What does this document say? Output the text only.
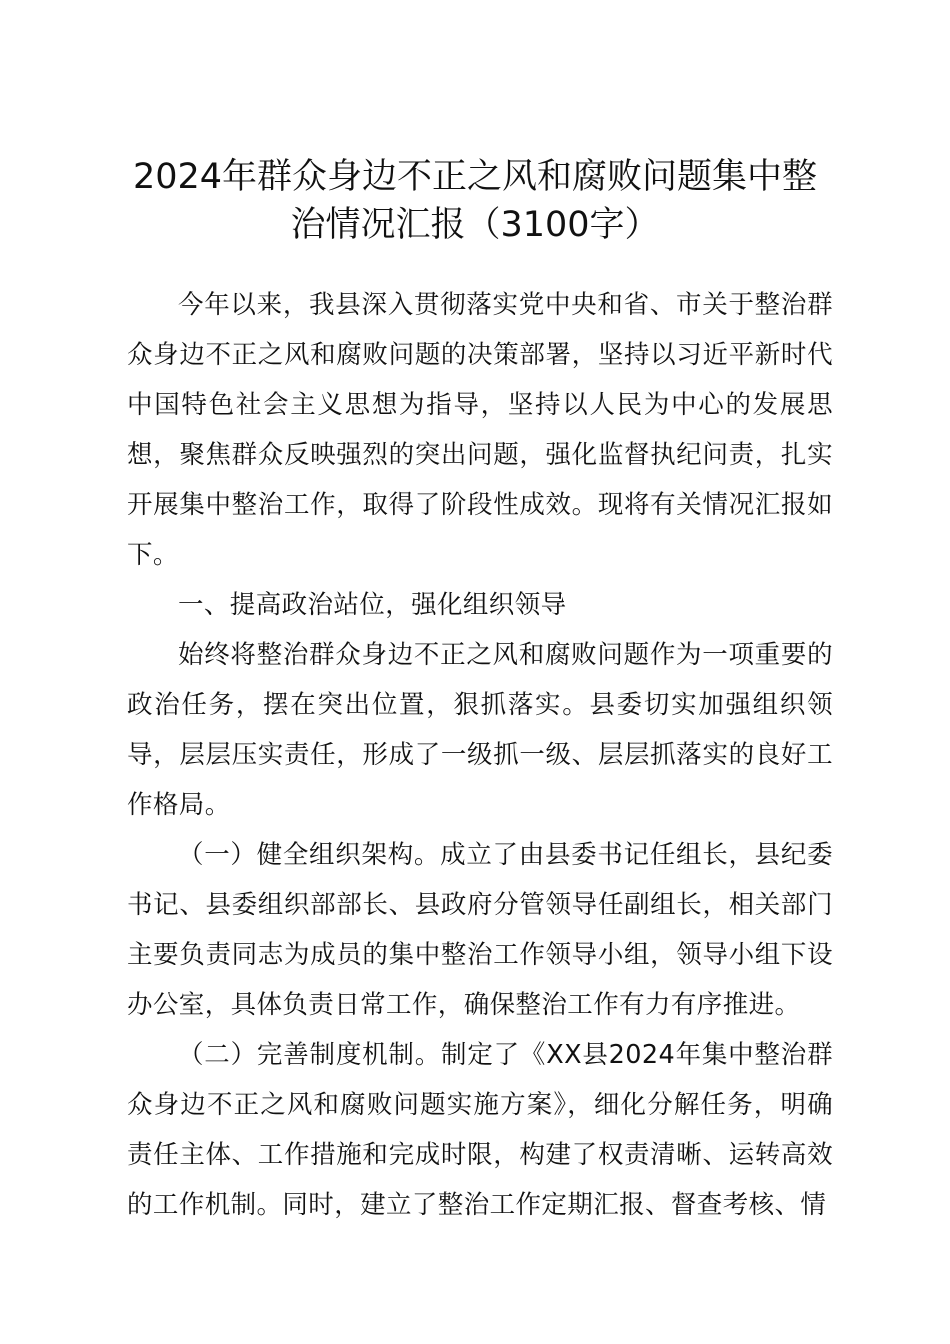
2024年群众身边不正之风和腐败问题集中整治情况汇报（3100字）

今年以来，我县深入贯彻落实党中央和省、市关于整治群众身边不正之风和腐败问题的决策部署，坚持以习近平新时代中国特色社会主义思想为指导，坚持以人民为中心的发展思想，聚焦群众反映强烈的突出问题，强化监督执纪问责，扎实开展集中整治工作，取得了阶段性成效。现将有关情况汇报如下。

一、提高政治站位，强化组织领导

始终将整治群众身边不正之风和腐败问题作为一项重要的政治任务，摆在突出位置，狠抓落实。县委切实加强组织领导，层层压实责任，形成了一级抓一级、层层抓落实的良好工作格局。

（一）健全组织架构。成立了由县委书记任组长，县纪委书记、县委组织部部长、县政府分管领导任副组长，相关部门主要负责同志为成员的集中整治工作领导小组，领导小组下设办公室，具体负责日常工作，确保整治工作有力有序推进。

（二）完善制度机制。制定了《XX县2024年集中整治群众身边不正之风和腐败问题实施方案》，细化分解任务，明确责任主体、工作措施和完成时限，构建了权责清晰、运转高效的工作机制。同时，建立了整治工作定期汇报、督查考核、情
